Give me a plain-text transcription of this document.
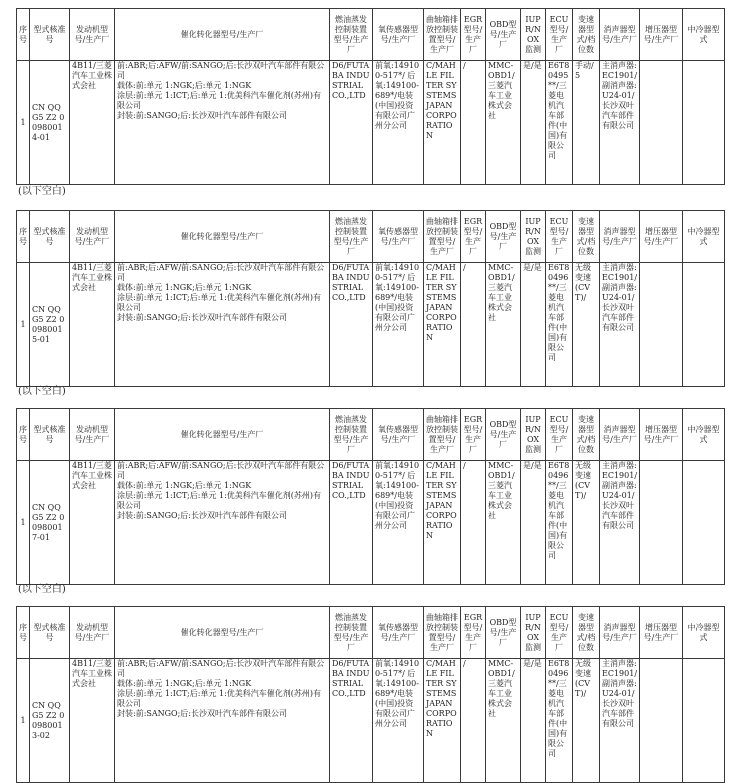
序号	型式核准号	发动机型号/生产厂	催化转化器型号/生产厂	燃油蒸发控制装置型号/生产厂	氧传感器型号/生产厂	曲轴箱排放控制装置型号/生产厂	EGR型号/生产厂	OBD型号/生产厂	IUPR/NOX监测	ECU型号/生产厂	变速器型式/档位数	消声器型号/生产厂	增压器型号/生产厂	中冷器型式
1	CN QQ G5 Z2 0098001 4-01	4B11/三菱汽车工业株式会社	前:ABR;后:AFW/前:SANGO;后:长沙双叶汽车部件有限公司
载体:前:单元 1:NGK;后:单元 1:NGK
涂层:前:单元 1:ICT;后:单元 1:优美科汽车催化剂(苏州)有限公司
封装:前:SANGO;后:长沙双叶汽车部件有限公司	D6/FUTABA INDUSTRIAL CO.,LTD	前氧:149100-517*/ 后氧:149100-689*/电装(中国)投资有限公司广州分公司	C/MAHLE FILTER SYSTEMS JAPAN CORPORATION	/	MMC-OBD1/三菱汽车工业株式会社	是/是	E6T80495**/三菱电机汽车部件(中国)有限公司	手动/5	主消声器:EC1901/副消声器:U24-01/长沙双叶汽车部件有限公司		
(以下空白)
序号	型式核准号	发动机型号/生产厂	催化转化器型号/生产厂	燃油蒸发控制装置型号/生产厂	氧传感器型号/生产厂	曲轴箱排放控制装置型号/生产厂	EGR型号/生产厂	OBD型号/生产厂	IUPR/NOX监测	ECU型号/生产厂	变速器型式/档位数	消声器型号/生产厂	增压器型号/生产厂	中冷器型式
1	CN QQ G5 Z2 0098001 5-01	4B11/三菱汽车工业株式会社	前:ABR;后:AFW/前:SANGO;后:长沙双叶汽车部件有限公司
载体:前:单元 1:NGK;后:单元 1:NGK
涂层:前:单元 1:ICT;后:单元 1:优美科汽车催化剂(苏州)有限公司
封装:前:SANGO;后:长沙双叶汽车部件有限公司	D6/FUTABA INDUSTRIAL CO.,LTD	前氧:149100-517*/ 后氧:149100-689*/电装(中国)投资有限公司广州分公司	C/MAHLE FILTER SYSTEMS JAPAN CORPORATION	/	MMC-OBD1/三菱汽车工业株式会社	是/是	E6T80496**/三菱电机汽车部件(中国)有限公司	无级变速(CVT)/	主消声器:EC1901/副消声器:U24-01/长沙双叶汽车部件有限公司		
(以下空白)
序号	型式核准号	发动机型号/生产厂	催化转化器型号/生产厂	燃油蒸发控制装置型号/生产厂	氧传感器型号/生产厂	曲轴箱排放控制装置型号/生产厂	EGR型号/生产厂	OBD型号/生产厂	IUPR/NOX监测	ECU型号/生产厂	变速器型式/档位数	消声器型号/生产厂	增压器型号/生产厂	中冷器型式
1	CN QQ G5 Z2 0098001 7-01	4B11/三菱汽车工业株式会社	前:ABR;后:AFW/前:SANGO;后:长沙双叶汽车部件有限公司
载体:前:单元 1:NGK;后:单元 1:NGK
涂层:前:单元 1:ICT;后:单元 1:优美科汽车催化剂(苏州)有限公司
封装:前:SANGO;后:长沙双叶汽车部件有限公司	D6/FUTABA INDUSTRIAL CO.,LTD	前氧:149100-517*/ 后氧:149100-689*/电装(中国)投资有限公司广州分公司	C/MAHLE FILTER SYSTEMS JAPAN CORPORATION	/	MMC-OBD1/三菱汽车工业株式会社	是/是	E6T80496**/三菱电机汽车部件(中国)有限公司	无级变速(CVT)/	主消声器:EC1901/副消声器:U24-01/长沙双叶汽车部件有限公司		
(以下空白)
序号	型式核准号	发动机型号/生产厂	催化转化器型号/生产厂	燃油蒸发控制装置型号/生产厂	氧传感器型号/生产厂	曲轴箱排放控制装置型号/生产厂	EGR型号/生产厂	OBD型号/生产厂	IUPR/NOX监测	ECU型号/生产厂	变速器型式/档位数	消声器型号/生产厂	增压器型号/生产厂	中冷器型式
1	CN QQ G5 Z2 0098001 3-02	4B11/三菱汽车工业株式会社	前:ABR;后:AFW/前:SANGO;后:长沙双叶汽车部件有限公司
载体:前:单元 1:NGK;后:单元 1:NGK
涂层:前:单元 1:ICT;后:单元 1:优美科汽车催化剂(苏州)有限公司
封装:前:SANGO;后:长沙双叶汽车部件有限公司	D6/FUTABA INDUSTRIAL CO.,LTD	前氧:149100-517*/ 后氧:149100-689*/电装(中国)投资有限公司广州分公司	C/MAHLE FILTER SYSTEMS JAPAN CORPORATION	/	MMC-OBD1/三菱汽车工业株式会社	是/是	E6T80496**/三菱电机汽车部件(中国)有限公司	无级变速(CVT)/	主消声器:EC1901/副消声器:U24-01/长沙双叶汽车部件有限公司		
